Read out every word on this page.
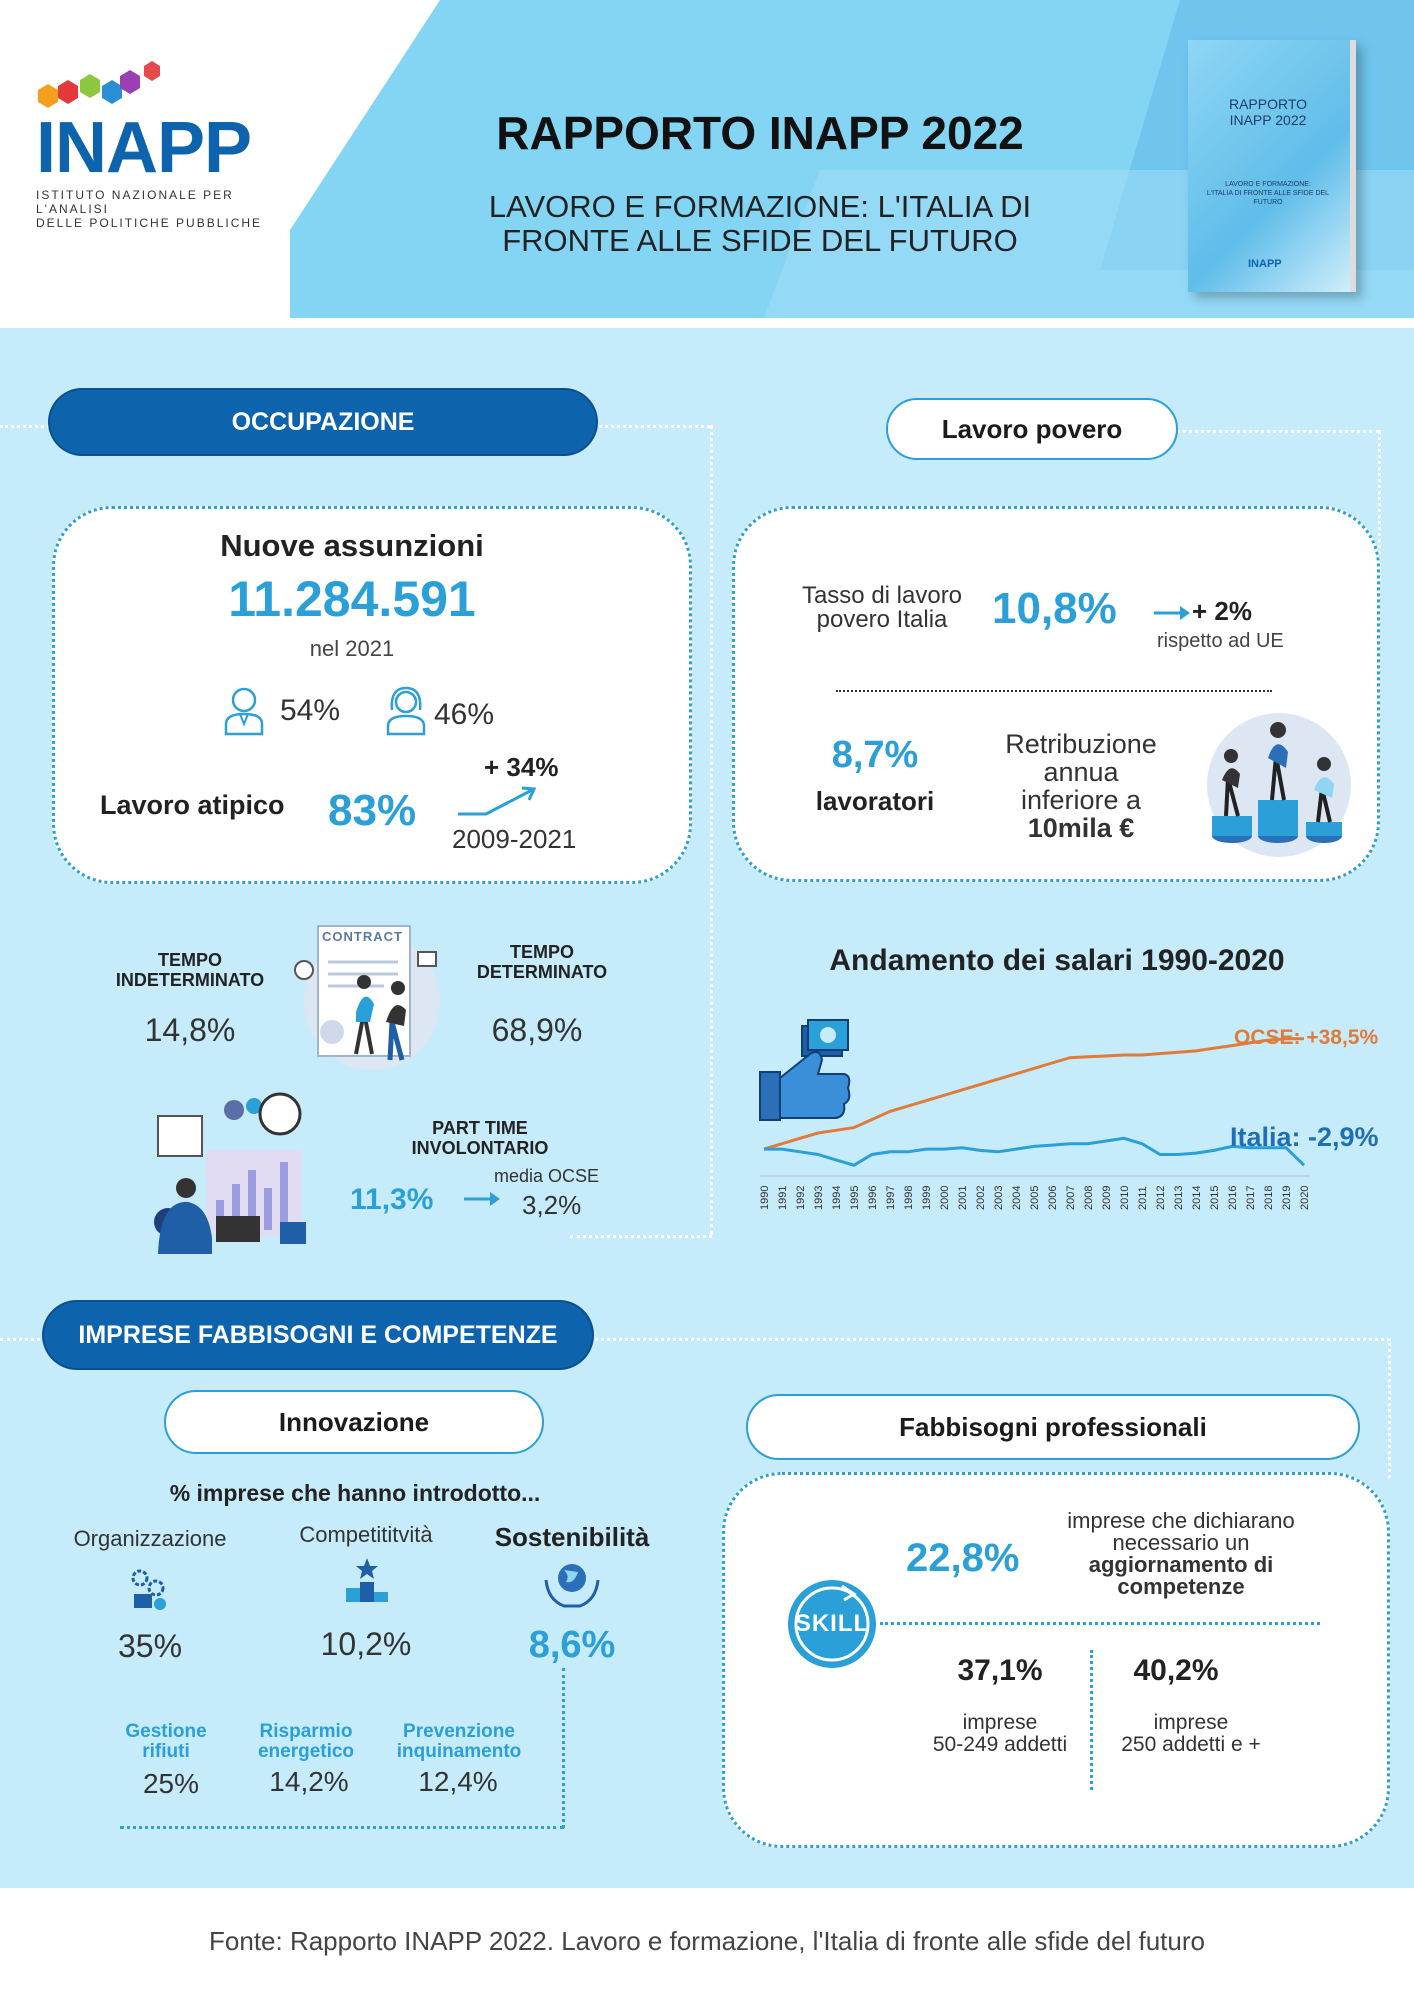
INAPP
ISTITUTO NAZIONALE PER L'ANALISI
DELLE POLITICHE PUBBLICHE
RAPPORTO INAPP 2022
LAVORO E FORMAZIONE: L'ITALIA DI
FRONTE ALLE SFIDE DEL FUTURO
RAPPORTO
INAPP 2022
LAVORO E FORMAZIONE:
L'ITALIA DI FRONTE ALLE SFIDE DEL FUTURO
INAPP
OCCUPAZIONE
Nuove assunzioni
11.284.591
nel 2021
54%	46%
Lavoro atipico 83%
+ 34%
2009-2021
TEMPO
INDETERMINATO
14,8%
CONTRACT
TEMPO
DETERMINATO
68,9%
PART TIME
INVOLONTARIO
11,3%
media OCSE
3,2%
Lavoro povero
Tasso di lavoro
povero Italia	10,8%	+ 2%
rispetto ad UE
8,7%
lavoratori
Retribuzione
annua
inferiore a
10mila €
Andamento dei salari 1990-2020
1990 1991 1992 1993 1994 1995 1996 1997 1998 1999 2000 2001 2002 2003 2004 2005 2006 2007 2008 2009 2010 2011 2012 2013 2014 2015 2016 2017 2018 2019 2020
OCSE: +38,5%
Italia: -2,9%
IMPRESE FABBISOGNI E COMPETENZE
Innovazione
% imprese che hanno introdotto...
Organizzazione
35%
Competititvità
10,2%
Sostenibilità
8,6%
Gestione
rifiuti
25%
Risparmio
energetico
14,2%
Prevenzione
inquinamento
12,4%
Fabbisogni professionali
22,8%
imprese che dichiarano
necessario un
aggiornamento di
competenze
SKILL
37,1%
imprese
50-249 addetti
40,2%
imprese
250 addetti e +
Fonte: Rapporto INAPP 2022. Lavoro e formazione, l'Italia di fronte alle sfide del futuro
